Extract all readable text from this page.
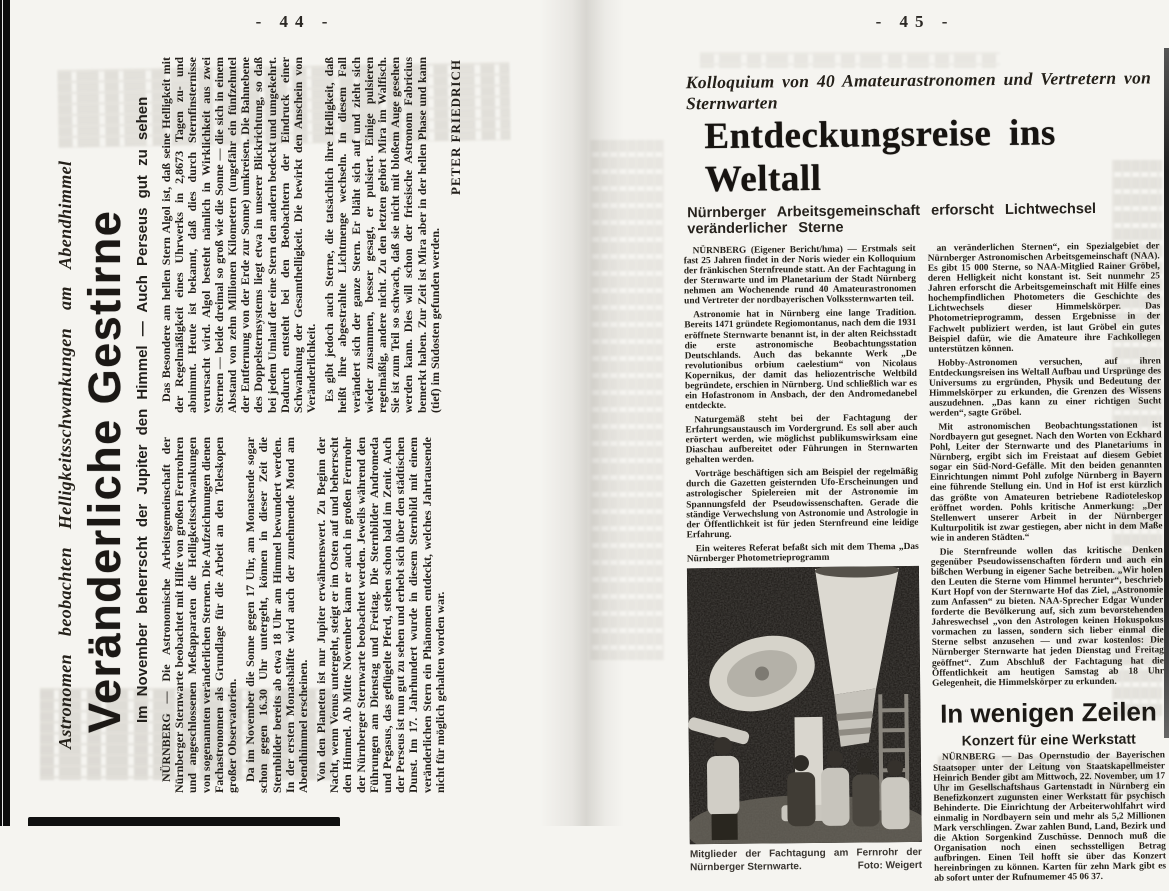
- 44 -	- 45 -
Astronomen beobachten Helligkeitsschwankungen am Abendhimmel Veränderliche Gestirne Im November beherrscht der Jupiter den Himmel — Auch Perseus gut zu sehen NÜRNBERG — Die Astronomische Arbeitsgemeinschaft der Nürnberger Sternwarte beobachtet mit Hilfe von großen Fernrohren und angeschlossenen Meßapparaten die Helligkeitsschwankungen von sogenannten veränderlichen Sternen. Die Aufzeichnungen dienen Fachastronomen als Grundlage für die Arbeit an den Teleskopen großer Observatorien. Da im November die Sonne gegen 17 Uhr, am Monatsende sogar schon gegen 16.30 Uhr untergeht, können in dieser Zeit die Sternbilder bereits ab etwa 18 Uhr am Himmel bewundert werden. In der ersten Monatshälfte wird auch der zunehmende Mond am Abendhimmel erscheinen. Von den Planeten ist nur Jupiter erwähnenswert. Zu Beginn der Nacht, wenn Venus untergeht, steigt er im Osten auf und beherrscht den Himmel. Ab Mitte November kann er auch in großen Fernrohr der Nürnberger Sternwarte beobachtet werden. Jeweils während den Führungen am Dienstag und Freitag. Die Sternbilder Andromeda und Pegasus, das geflügelte Pferd, stehen schon bald im Zenit. Auch der Perseus ist nun gut zu sehen und erhebt sich über den städtischen Dunst. Im 17. Jahrhundert wurde in diesem Sternbild mit einem veränderlichen Stern ein Phänomen entdeckt, welches Jahrtausende nicht für möglich gehalten worden war.

Das Besondere am hellen Stern Algol ist, daß seine Helligkeit mit der Regelmäßigkeit eines Uhrwerks in 2,8673 Tagen zu- und abnimmt. Heute ist bekannt, daß dies durch Sternfinsternisse verursacht wird. Algol besteht nämlich in Wirklichkeit aus zwei Sternen — beide dreimal so groß wie die Sonne — die sich in einem Abstand von zehn Millionen Kilometern (ungefähr ein fünfzehntel der Entfernung von der Erde zur Sonne) umkreisen. Die Bahnebene des Doppelsternsystems liegt etwa in unserer Blickrichtung, so daß bei jedem Umlauf der eine Stern den andern bedeckt und umgekehrt. Dadurch entsteht bei den Beobachtern der Eindruck einer Schwankung der Gesamthelligkeit. Die bewirkt den Anschein von Veränderlichkeit. Es gibt jedoch auch Sterne, die tatsächlich ihre Helligkeit, daß heißt ihre abgestrahlte Lichtmenge wechseln. In diesem Fall verändert sich der ganze Stern. Er bläht sich auf und zieht sich wieder zusammen, besser gesagt, er pulsiert. Einige pulsieren regelmäßig, andere nicht. Zu den letzten gehört Mira im Walfisch. Sie ist zum Teil so schwach, daß sie nicht mit bloßem Auge gesehen werden kann. Dies will schon der friesische Astronom Fabricius bemerkt haben. Zur Zeit ist Mira aber in der hellen Phase und kann (tief) im Südosten gefunden werden.

PETER FRIEDRICH	Kolloquium von 40 Amateurastronomen und Vertretern von Sternwarten
Entdeckungsreise ins Weltall
Nürnberger Arbeitsgemeinschaft erforscht Lichtwechsel veränderlicher Sterne

NÜRNBERG (Eigener Bericht/hma) — Erstmals seit fast 25 Jahren findet in der Noris wieder ein Kolloquium der fränkischen Sternfreunde statt. An der Fachtagung in der Sternwarte und im Planetarium der Stadt Nürnberg nehmen am Wochenende rund 40 Amateurastronomen und Vertreter der nordbayerischen Volkssternwarten teil.

Astronomie hat in Nürnberg eine lange Tradition. Bereits 1471 gründete Regiomontanus, nach dem die 1931 eröffnete Sternwarte benannt ist, in der alten Reichsstadt die erste astronomische Beobachtungsstation Deutschlands. Auch das bekannte Werk „De revolutionibus orbium caelestium“ von Nicolaus Kopernikus, der damit das heliozentrische Weltbild begründete, erschien in Nürnberg. Und schließlich war es ein Hofastronom in Ansbach, der den Andromedanebel entdeckte.

Naturgemäß steht bei der Fachtagung der Erfahrungsaustausch im Vordergrund. Es soll aber auch erörtert werden, wie möglichst publikumswirksam eine Diaschau aufbereitet oder Führungen in Sternwarten gehalten werden.

Vorträge beschäftigen sich am Beispiel der regelmäßig durch die Gazetten geisternden Ufo-Erscheinungen und astrologischer Spielereien mit der Astronomie im Spannungsfeld der Pseudowissenschaften. Gerade die ständige Verwechslung von Astronomie und Astrologie in der Öffentlichkeit ist für jeden Sternfreund eine leidige Erfahrung.

Ein weiteres Referat befaßt sich mit dem Thema „Das Nürnberger Photometrieprogramm

Mitglieder der Fachtagung am Fernrohr der Nürnberger Sternwarte.	Foto: Weigert

an veränderlichen Sternen“, ein Spezialgebiet der Nürnberger Astronomischen Arbeitsgemeinschaft (NAA). Es gibt 15 000 Sterne, so NAA-Mitglied Rainer Gröbel, deren Helligkeit nicht konstant ist. Seit nunmehr 25 Jahren erforscht die Arbeitsgemeinschaft mit Hilfe eines hochempfindlichen Photometers die Geschichte des Lichtwechsels dieser Himmelskörper. Das Photometrieprogramm, dessen Ergebnisse in der Fachwelt publiziert werden, ist laut Gröbel ein gutes Beispiel dafür, wie die Amateure ihre Fachkollegen unterstützen können.

Hobby-Astronomen versuchen, auf ihren Entdeckungsreisen ins Weltall Aufbau und Ursprünge des Universums zu ergründen, Physik und Bedeutung der Himmelskörper zu erkunden, die Grenzen des Wissens auszudehnen. „Das kann zu einer richtigen Sucht werden“, sagte Gröbel.

Mit astronomischen Beobachtungsstationen ist Nordbayern gut gesegnet. Nach den Worten von Eckhard Pohl, Leiter der Sternwarte und des Planetariums in Nürnberg, ergibt sich im Freistaat auf diesem Gebiet sogar ein Süd-Nord-Gefälle. Mit den beiden genannten Einrichtungen nimmt Pohl zufolge Nürnberg in Bayern eine führende Stellung ein. Und in Hof ist erst kürzlich das größte von Amateuren betriebene Radioteleskop eröffnet worden. Pohls kritische Anmerkung: „Der Stellenwert unserer Arbeit in der Nürnberger Kulturpolitik ist zwar gestiegen, aber nicht in dem Maße wie in anderen Städten.“

Die Sternfreunde wollen das kritische Denken gegenüber Pseudowissenschaften fördern und auch ein bißchen Werbung in eigener Sache betreiben. „Wir holen den Leuten die Sterne vom Himmel herunter“, beschrieb Kurt Hopf von der Sternwarte Hof das Ziel, „Astronomie zum Anfassen“ zu bieten. NAA-Sprecher Edgar Wunder forderte die Bevölkerung auf, sich zum bevorstehenden Jahreswechsel „von den Astrologen keinen Hokuspokus vormachen zu lassen, sondern sich lieber einmal die Sterne selbst anzusehen — und zwar kostenlos: Die Nürnberger Sternwarte hat jeden Dienstag und Freitag geöffnet“. Zum Abschluß der Fachtagung hat die Öffentlichkeit am heutigen Samstag ab 18 Uhr Gelegenheit, die Himmelskörper zu erkunden.

In wenigen Zeilen
Konzert für eine Werkstatt

NÜRNBERG — Das Opernstudio der Bayerischen Staatsoper unter der Leitung von Staatskapellmeister Heinrich Bender gibt am Mittwoch, 22. November, um 17 Uhr im Gesellschaftshaus Gartenstadt in Nürnberg ein Benefizkonzert zugunsten einer Werkstatt für psychisch Behinderte. Die Einrichtung der Arbeiterwohlfahrt wird einmalig in Nordbayern sein und mehr als 5,2 Millionen Mark verschlingen. Zwar zahlen Bund, Land, Bezirk und die Aktion Sorgenkind Zuschüsse. Dennoch muß die Organisation noch einen sechsstelligen Betrag aufbringen. Einen Teil hofft sie über das Konzert hereinbringen zu können. Karten für zehn Mark gibt es ab sofort unter der Rufnumemer 45 06 37.
